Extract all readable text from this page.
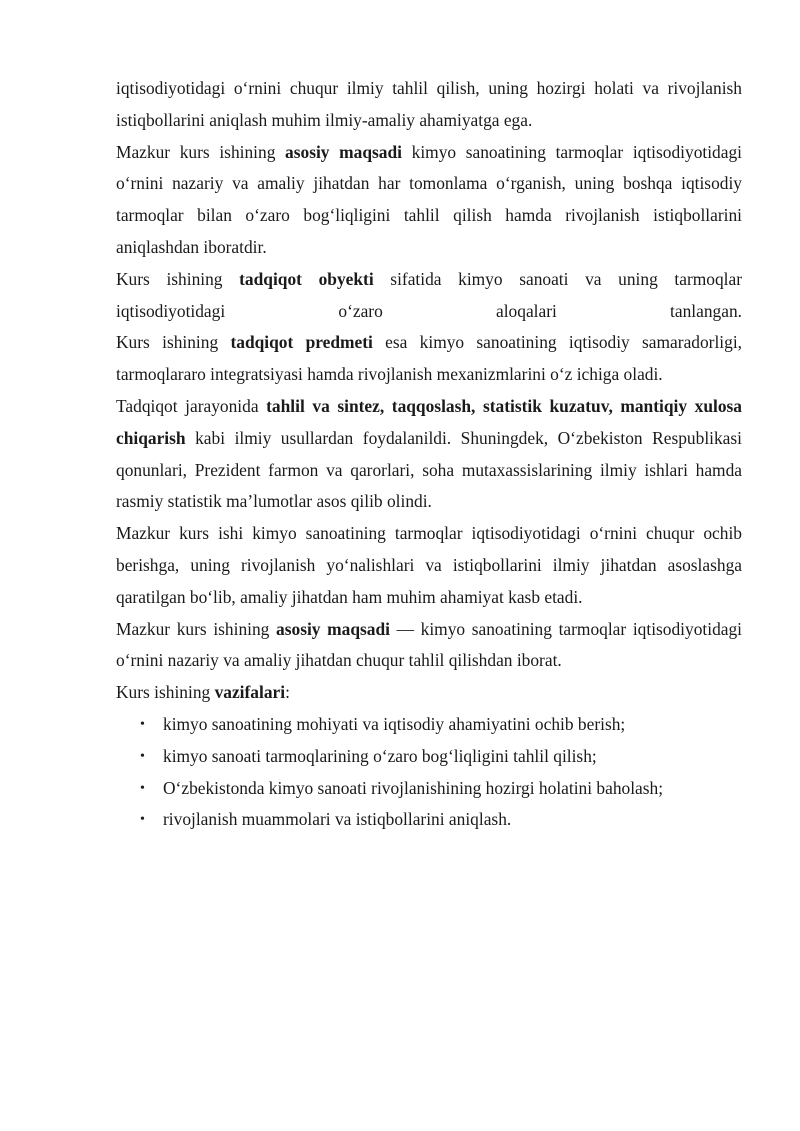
iqtisodiyotidagi o‘rnini chuqur ilmiy tahlil qilish, uning hozirgi holati va rivojlanish istiqbollarini aniqlash muhim ilmiy-amaliy ahamiyatga ega.

Mazkur kurs ishining asosiy maqsadi kimyo sanoatining tarmoqlar iqtisodiyotidagi o‘rnini nazariy va amaliy jihatdan har tomonlama o‘rganish, uning boshqa iqtisodiy tarmoqlar bilan o‘zaro bog‘liqligini tahlil qilish hamda rivojlanish istiqbollarini aniqlashdan iboratdir.

Kurs ishining tadqiqot obyekti sifatida kimyo sanoati va uning tarmoqlar iqtisodiyotidagi o‘zaro aloqalari tanlangan.

Kurs ishining tadqiqot predmeti esa kimyo sanoatining iqtisodiy samaradorligi, tarmoqlararo integratsiyasi hamda rivojlanish mexanizmlarini o‘z ichiga oladi.

Tadqiqot jarayonida tahlil va sintez, taqqoslash, statistik kuzatuv, mantiqiy xulosa chiqarish kabi ilmiy usullardan foydalanildi. Shuningdek, O‘zbekiston Respublikasi qonunlari, Prezident farmon va qarorlari, soha mutaxassislarining ilmiy ishlari hamda rasmiy statistik ma’lumotlar asos qilib olindi.

Mazkur kurs ishi kimyo sanoatining tarmoqlar iqtisodiyotidagi o‘rnini chuqur ochib berishga, uning rivojlanish yo‘nalishlari va istiqbollarini ilmiy jihatdan asoslashga qaratilgan bo‘lib, amaliy jihatdan ham muhim ahamiyat kasb etadi.

Mazkur kurs ishining asosiy maqsadi — kimyo sanoatining tarmoqlar iqtisodiyotidagi o‘rnini nazariy va amaliy jihatdan chuqur tahlil qilishdan iborat.

Kurs ishining vazifalari:

• kimyo sanoatining mohiyati va iqtisodiy ahamiyatini ochib berish;
• kimyo sanoati tarmoqlarining o‘zaro bog‘liqligini tahlil qilish;
• O‘zbekistonda kimyo sanoati rivojlanishining hozirgi holatini baholash;
• rivojlanish muammolari va istiqbollarini aniqlash.
